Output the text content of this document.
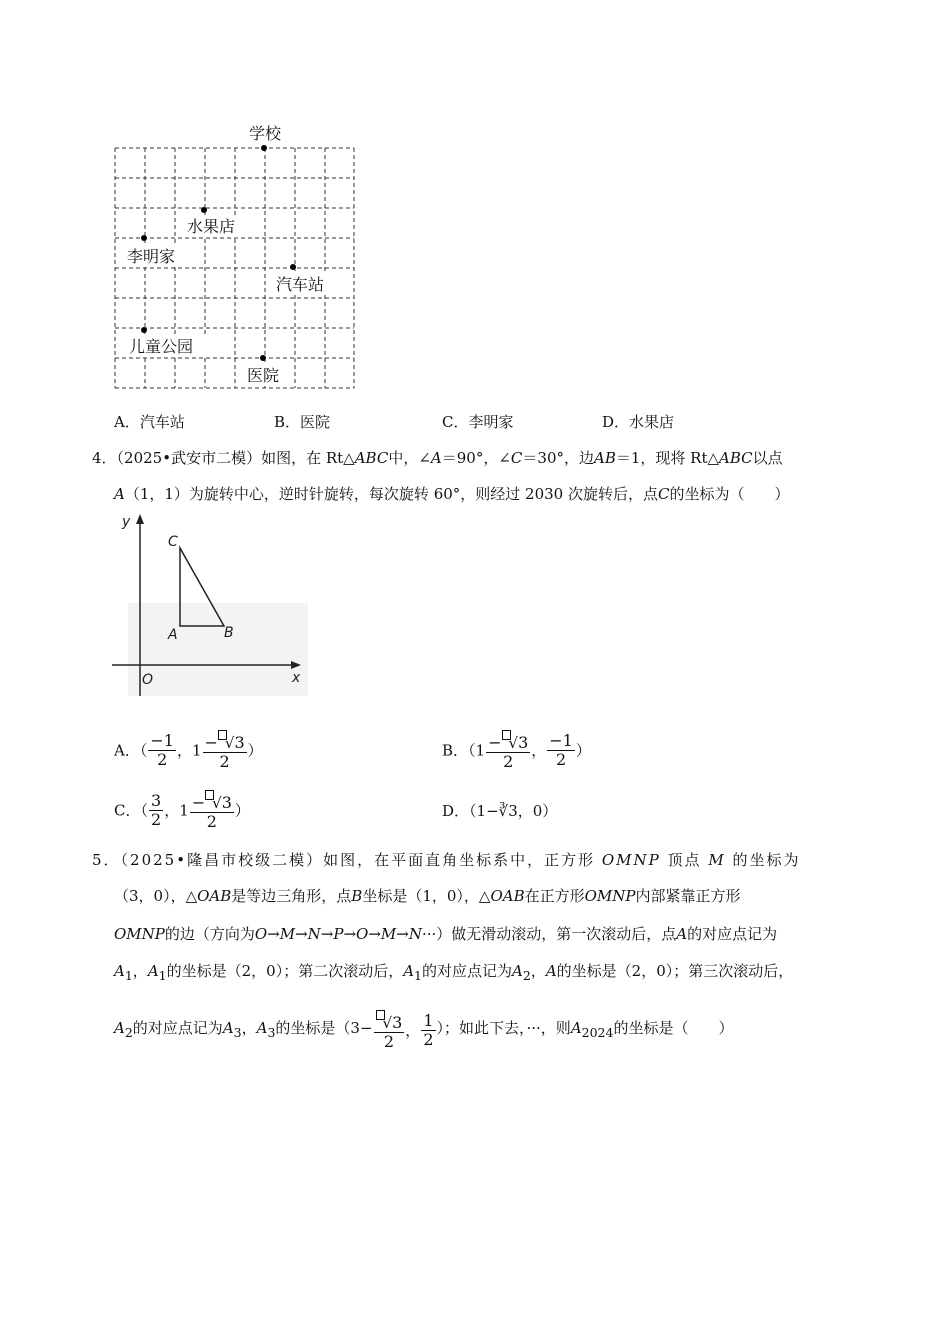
学校
水果店
李明家
汽车站
儿童公园
医院
A．汽车站	B．医院	C．李明家	D．水果店
4．（2025•武安市二模）如图，在 Rt△ABC中，∠A＝90°，∠C＝30°，边AB＝1，现将 Rt△ABC以点
A（1，1）为旋转中心，逆时针旋转，每次旋转 60°，则经过 2030 次旋转后，点C的坐标为（　　）
y
x
O
C
A	B
A．（ $\frac{-1}{2}$ ，$1 \frac{- √3}{2}$ ）	B．（$1 \frac{- √3}{2}$ ， $\frac{-1}{2}$ ）
C．（ $\frac{3}{2}$ ，$1 \frac{- √3}{2}$ ）	D．（1−∛3，0）
5．（2025•隆昌市校级二模）如图，在平面直角坐标系中，正方形 OMNP 顶点 M 的坐标为
（3，0），△OAB是等边三角形，点B坐标是（1，0），△OAB在正方形OMNP内部紧靠正方形
OMNP的边（方向为O→M→N→P→O→M→N···）做无滑动滚动，第一次滚动后，点A的对应点记为
$A_1$，$A_1$的坐标是（2，0）；第二次滚动后，$A_1$的对应点记为$A_2$，A的坐标是（2，0）；第三次滚动后，
$A_2$的对应点记为$A_3$，$A_3$的坐标是（$3- \frac{√3}{2}$ ， $\frac{1}{2}$ ）；如此下去，···，则$A_{2024}$的坐标是（　　）
